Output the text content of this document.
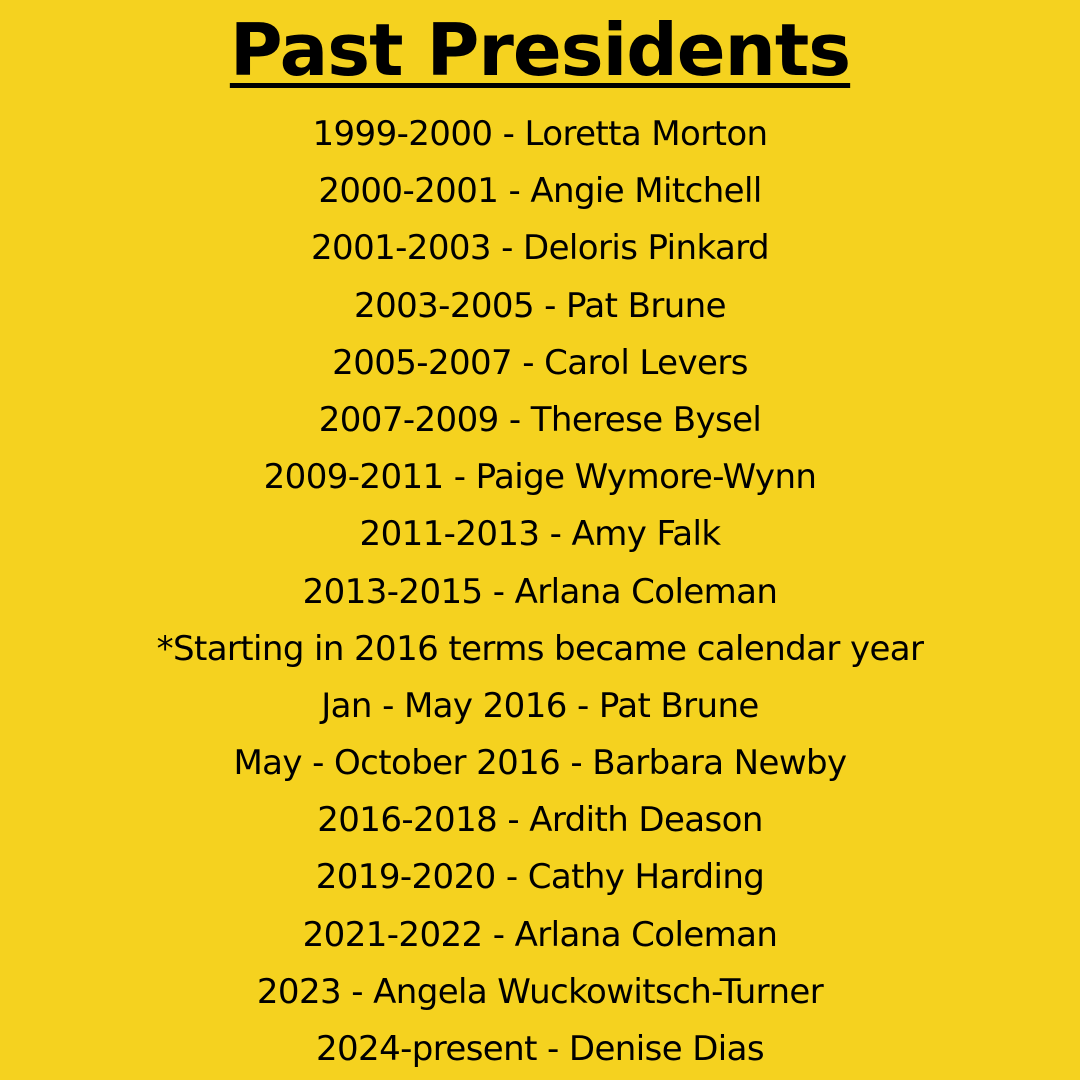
Past Presidents
1999-2000 - Loretta Morton
2000-2001 - Angie Mitchell
2001-2003 - Deloris Pinkard
2003-2005 - Pat Brune
2005-2007 - Carol Levers
2007-2009 - Therese Bysel
2009-2011 - Paige Wymore-Wynn
2011-2013 - Amy Falk
2013-2015 - Arlana Coleman
*Starting in 2016 terms became calendar year
Jan - May 2016 - Pat Brune
May - October 2016 - Barbara Newby
2016-2018 - Ardith Deason
2019-2020 - Cathy Harding
2021-2022 - Arlana Coleman
2023 - Angela Wuckowitsch-Turner
2024-present - Denise Dias
